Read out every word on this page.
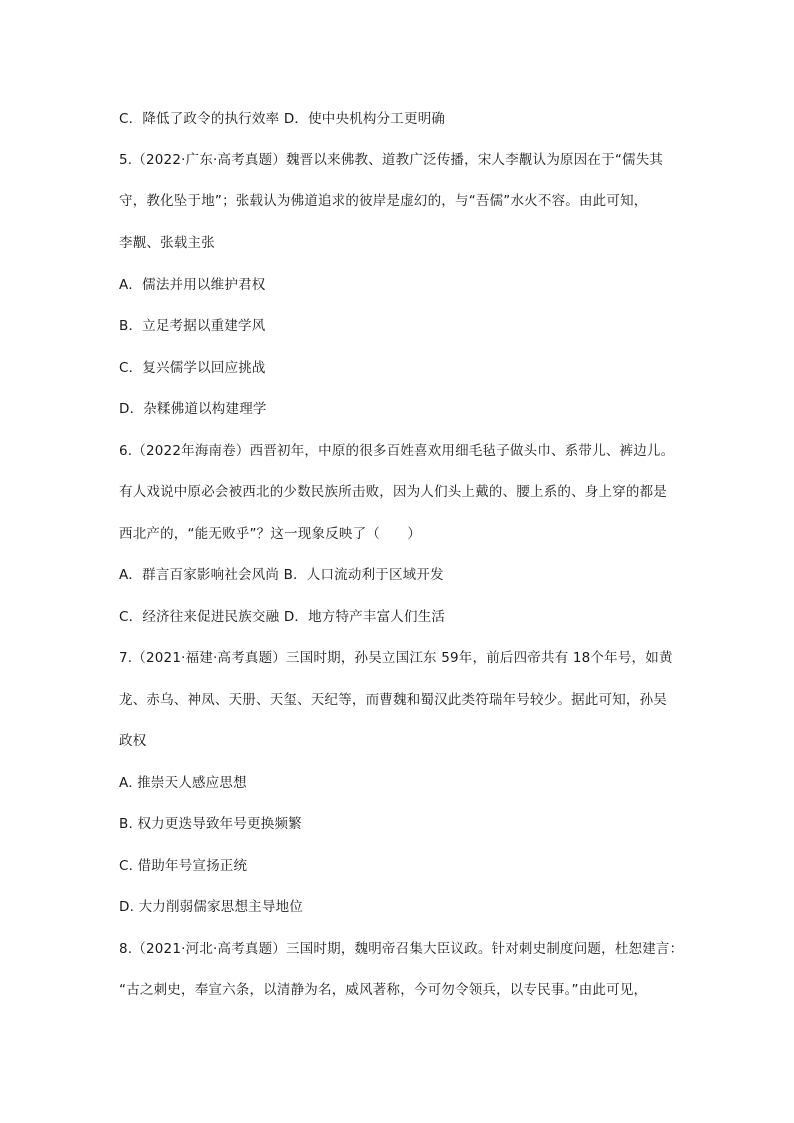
C．降低了政令的执行效率 D．使中央机构分工更明确
5.（2022·广东·高考真题）魏晋以来佛教、道教广泛传播，宋人李觏认为原因在于“儒失其
守，教化坠于地”；张载认为佛道追求的彼岸是虚幻的，与“吾儒”水火不容。由此可知，
李觏、张载主张
A．儒法并用以维护君权
B．立足考据以重建学风
C．复兴儒学以回应挑战
D．杂糅佛道以构建理学
6.（2022年海南卷）西晋初年，中原的很多百姓喜欢用细毛毡子做头巾、系带儿、裤边儿。
有人戏说中原必会被西北的少数民族所击败，因为人们头上戴的、腰上系的、身上穿的都是
西北产的，“能无败乎”？这一现象反映了（　　）
A．群言百家影响社会风尚 B．人口流动利于区域开发
C．经济往来促进民族交融 D．地方特产丰富人们生活
7.（2021·福建·高考真题）三国时期，孙吴立国江东 59年，前后四帝共有 18个年号，如黄
龙、赤乌、神凤、天册、天玺、天纪等，而曹魏和蜀汉此类符瑞年号较少。据此可知，孙吴
政权
A. 推崇天人感应思想
B. 权力更迭导致年号更换频繁
C. 借助年号宣扬正统
D. 大力削弱儒家思想主导地位
8.（2021·河北·高考真题）三国时期，魏明帝召集大臣议政。针对刺史制度问题，杜恕建言：
“古之刺史，奉宣六条，以清静为名，威风著称，今可勿令领兵，以专民事。”由此可见，
